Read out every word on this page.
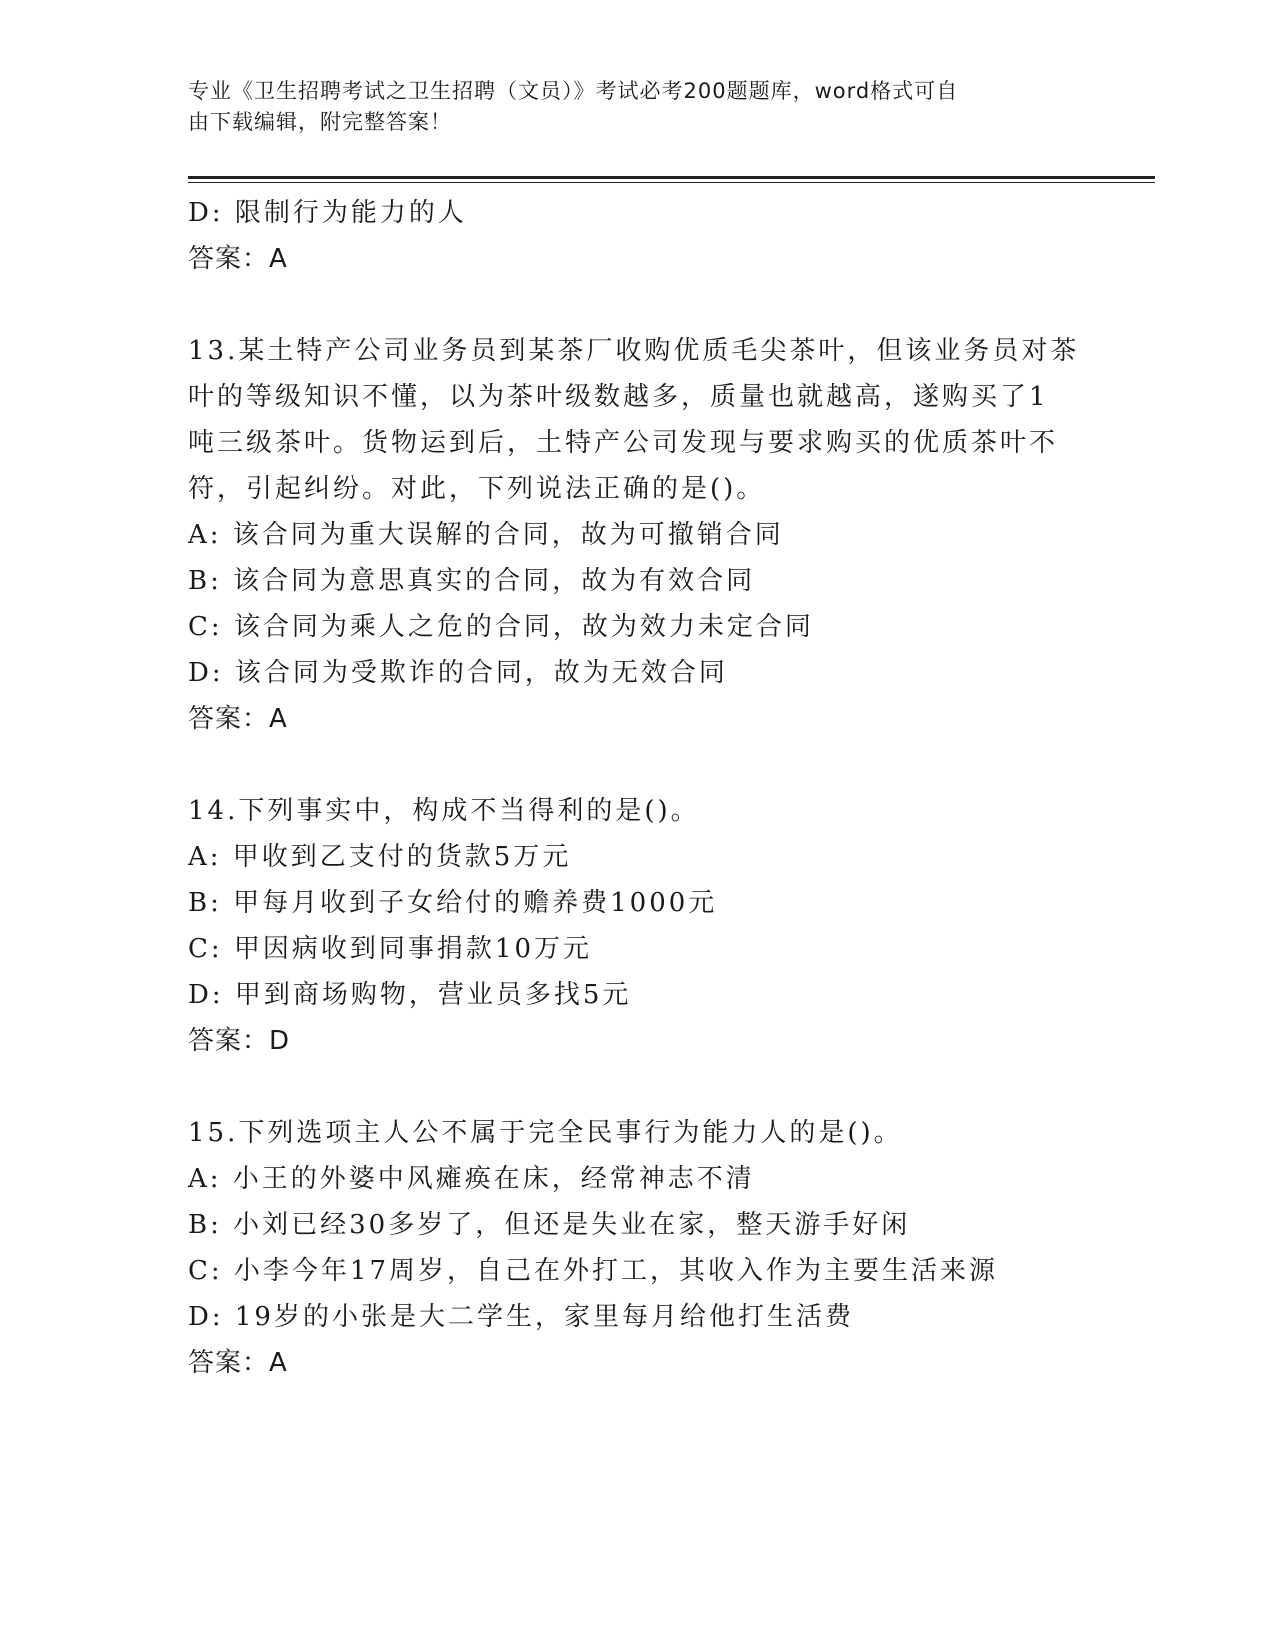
专业《卫生招聘考试之卫生招聘（文员）》考试必考200题题库，word格式可自
由下载编辑，附完整答案！
D: 限制行为能力的人
答案：A
13.某土特产公司业务员到某茶厂收购优质毛尖茶叶，但该业务员对茶
叶的等级知识不懂，以为茶叶级数越多，质量也就越高，遂购买了1
吨三级茶叶。货物运到后，土特产公司发现与要求购买的优质茶叶不
符，引起纠纷。对此，下列说法正确的是()。
A: 该合同为重大误解的合同，故为可撤销合同
B: 该合同为意思真实的合同，故为有效合同
C: 该合同为乘人之危的合同，故为效力未定合同
D: 该合同为受欺诈的合同，故为无效合同
答案：A
14.下列事实中，构成不当得利的是()。
A: 甲收到乙支付的货款5万元
B: 甲每月收到子女给付的赡养费1000元
C: 甲因病收到同事捐款10万元
D: 甲到商场购物，营业员多找5元
答案：D
15.下列选项主人公不属于完全民事行为能力人的是()。
A: 小王的外婆中风瘫痪在床，经常神志不清
B: 小刘已经30多岁了，但还是失业在家，整天游手好闲
C: 小李今年17周岁，自己在外打工，其收入作为主要生活来源
D: 19岁的小张是大二学生，家里每月给他打生活费
答案：A
